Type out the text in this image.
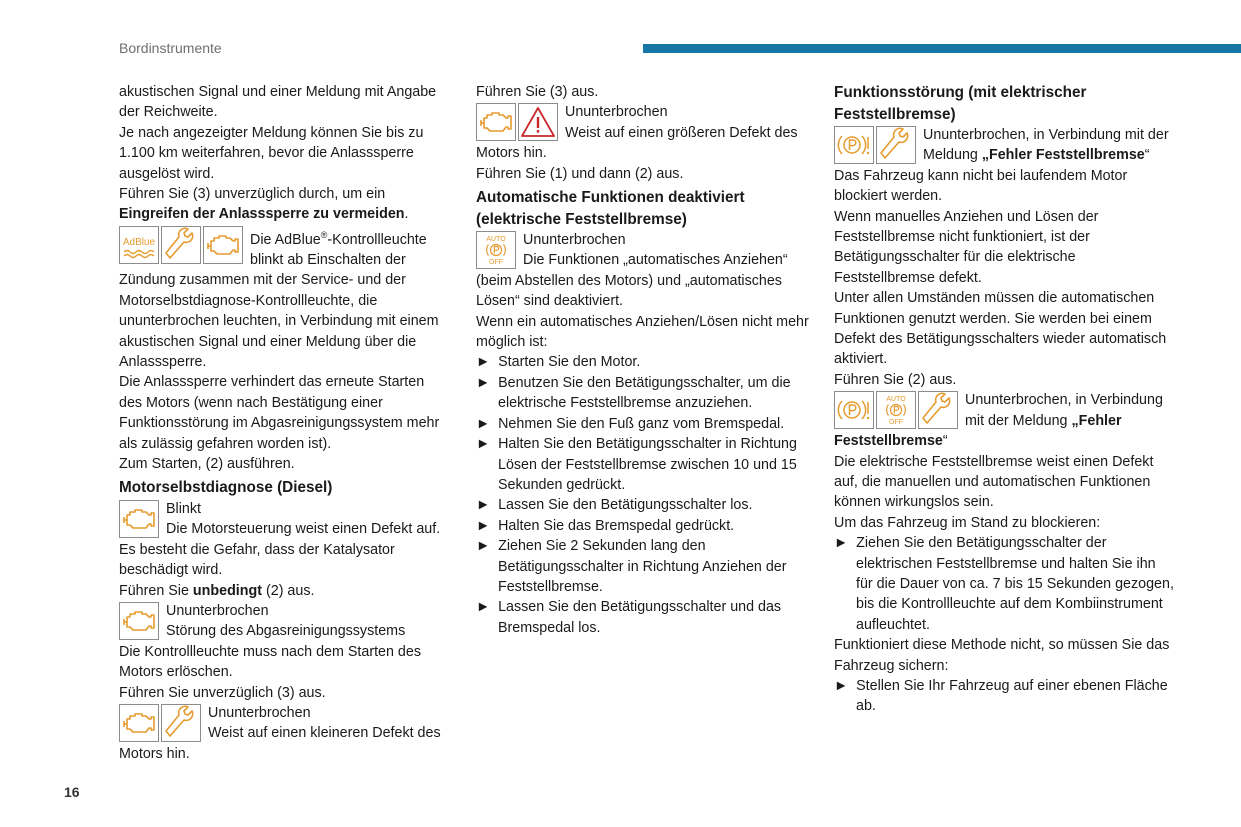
Bordinstrumente

akustischen Signal und einer Meldung mit Angabe der Reichweite.

Je nach angezeigter Meldung können Sie bis zu 1.100 km weiterfahren, bevor die Anlasssperre ausgelöst wird.

Führen Sie (3) unverzüglich durch, um ein Eingreifen der Anlasssperre zu vermeiden.

AdBlue	Die AdBlue®-Kontrollleuchte blinkt ab Einschalten der Zündung zusammen mit der Service- und der Motorselbstdiagnose-Kontrollleuchte, die ununterbrochen leuchten, in Verbindung mit einem akustischen Signal und einer Meldung über die Anlasssperre.

Die Anlasssperre verhindert das erneute Starten des Motors (wenn nach Bestätigung einer Funktionsstörung im Abgasreinigungssystem mehr als zulässig gefahren worden ist).

Zum Starten, (2) ausführen.

Motorselbstdiagnose (Diesel)

Blinkt

Die Motorsteuerung weist einen Defekt auf. Es besteht die Gefahr, dass der Katalysator beschädigt wird.

Führen Sie unbedingt (2) aus.

Ununterbrochen

Störung des Abgasreinigungssystems

Die Kontrollleuchte muss nach dem Starten des Motors erlöschen.

Führen Sie unverzüglich (3) aus.

Ununterbrochen

Weist auf einen kleineren Defekt des Motors hin.

Führen Sie (3) aus.

Ununterbrochen

Weist auf einen größeren Defekt des Motors hin.

Führen Sie (1) und dann (2) aus.

Automatische Funktionen deaktiviert (elektrische Feststellbremse)
AUTO
OFF

Ununterbrochen

Die Funktionen „automatisches Anziehen“ (beim Abstellen des Motors) und „automatisches Lösen“ sind deaktiviert.

Wenn ein automatisches Anziehen/Lösen nicht mehr möglich ist:

► Starten Sie den Motor.

► Benutzen Sie den Betätigungsschalter, um die elektrische Feststellbremse anzuziehen.

► Nehmen Sie den Fuß ganz vom Bremspedal.

► Halten Sie den Betätigungsschalter in Richtung Lösen der Feststellbremse zwischen 10 und 15 Sekunden gedrückt.

► Lassen Sie den Betätigungsschalter los.

► Halten Sie das Bremspedal gedrückt.

► Ziehen Sie 2 Sekunden lang den Betätigungsschalter in Richtung Anziehen der Feststellbremse.

► Lassen Sie den Betätigungsschalter und das Bremspedal los.

Funktionsstörung (mit elektrischer Feststellbremse)

Ununterbrochen, in Verbindung mit der Meldung „Fehler Feststellbremse“

Das Fahrzeug kann nicht bei laufendem Motor blockiert werden.

Wenn manuelles Anziehen und Lösen der Feststellbremse nicht funktioniert, ist der Betätigungsschalter für die elektrische Feststellbremse defekt.

Unter allen Umständen müssen die automatischen Funktionen genutzt werden. Sie werden bei einem Defekt des Betätigungsschalters wieder automatisch aktiviert.

Führen Sie (2) aus.

AUTO
OFF

Ununterbrochen, in Verbindung mit der Meldung „Fehler Feststellbremse“

Die elektrische Feststellbremse weist einen Defekt auf, die manuellen und automatischen Funktionen können wirkungslos sein.

Um das Fahrzeug im Stand zu blockieren:

► Ziehen Sie den Betätigungsschalter der elektrischen Feststellbremse und halten Sie ihn für die Dauer von ca. 7 bis 15 Sekunden gezogen, bis die Kontrollleuchte auf dem Kombiinstrument aufleuchtet.

Funktioniert diese Methode nicht, so müssen Sie das Fahrzeug sichern:

► Stellen Sie Ihr Fahrzeug auf einer ebenen Fläche ab.

16
